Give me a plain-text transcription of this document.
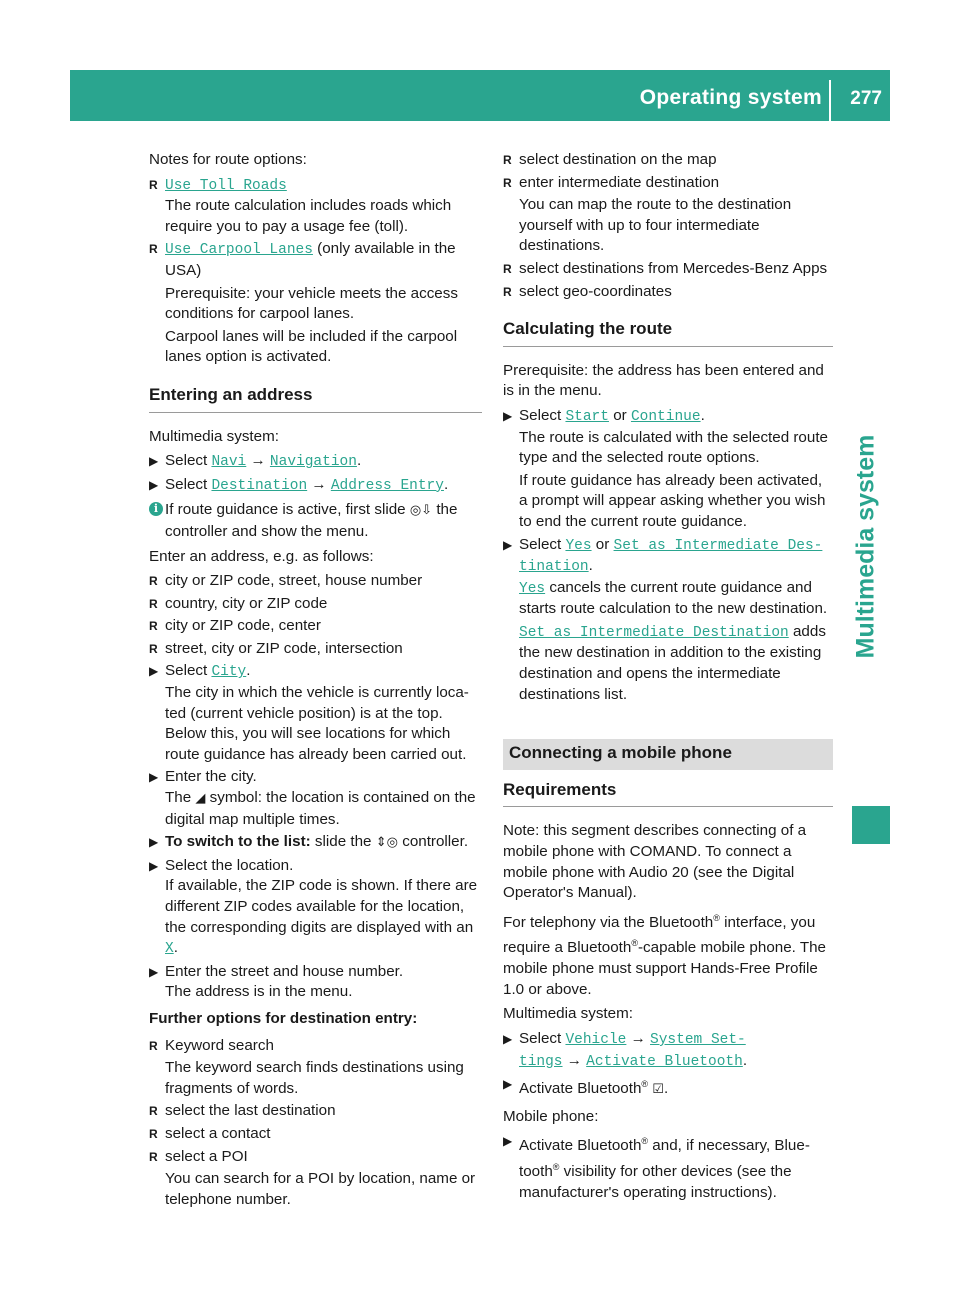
Operating system 277
Multimedia system

Notes for route options:

R Use Toll Roads
The route calculation includes roads which require you to pay a usage fee (toll).
R Use Carpool Lanes (only available in the USA)
Prerequisite: your vehicle meets the access conditions for carpool lanes.
Carpool lanes will be included if the carpool lanes option is activated.
Entering an address

Multimedia system:

▶ Select Navi → Navigation.
▶ Select Destination → Address Entry.
i If route guidance is active, first slide ◎⇩ the controller and show the menu.

Enter an address, e.g. as follows:

R city or ZIP code, street, house number
R country, city or ZIP code
R city or ZIP code, center
R street, city or ZIP code, intersection
▶ Select City.
The city in which the vehicle is currently loca-
ted (current vehicle position) is at the top.
Below this, you will see locations for which
route guidance has already been carried out.
▶ Enter the city.
The ◢ symbol: the location is contained on the digital map multiple times.
▶ To switch to the list: slide the ⇕◎ controller.
▶ Select the location.
If available, the ZIP code is shown. If there are different ZIP codes available for the location, the corresponding digits are displayed with an X.
▶ Enter the street and house number.
The address is in the menu.

Further options for destination entry:

R Keyword search
The keyword search finds destinations using fragments of words.
R select the last destination
R select a contact
R select a POI
You can search for a POI by location, name or telephone number.
R select destination on the map
R enter intermediate destination
You can map the route to the destination yourself with up to four intermediate destinations.
R select destinations from Mercedes-Benz Apps
R select geo-coordinates
Calculating the route

Prerequisite: the address has been entered and is in the menu.

▶ Select Start or Continue.
The route is calculated with the selected route type and the selected route options.
If route guidance has already been activated, a prompt will appear asking whether you wish to end the current route guidance.
▶ Select Yes or Set as Intermediate Des-
tination.
Yes cancels the current route guidance and starts route calculation to the new destination.
Set as Intermediate Destination adds the new destination in addition to the existing destination and opens the intermediate destinations list.
Connecting a mobile phone
Requirements

Note: this segment describes connecting of a mobile phone with COMAND. To connect a mobile phone with Audio 20 (see the Digital Operator's Manual).

For telephony via the Bluetooth® interface, you require a Bluetooth®-capable mobile phone. The mobile phone must support Hands-Free Profile 1.0 or above.

Multimedia system:

▶ Select Vehicle → System Set-
tings → Activate Bluetooth.
▶ Activate Bluetooth® ☑.

Mobile phone:

▶ Activate Bluetooth® and, if necessary, Blue-
tooth® visibility for other devices (see the manufacturer's operating instructions).
